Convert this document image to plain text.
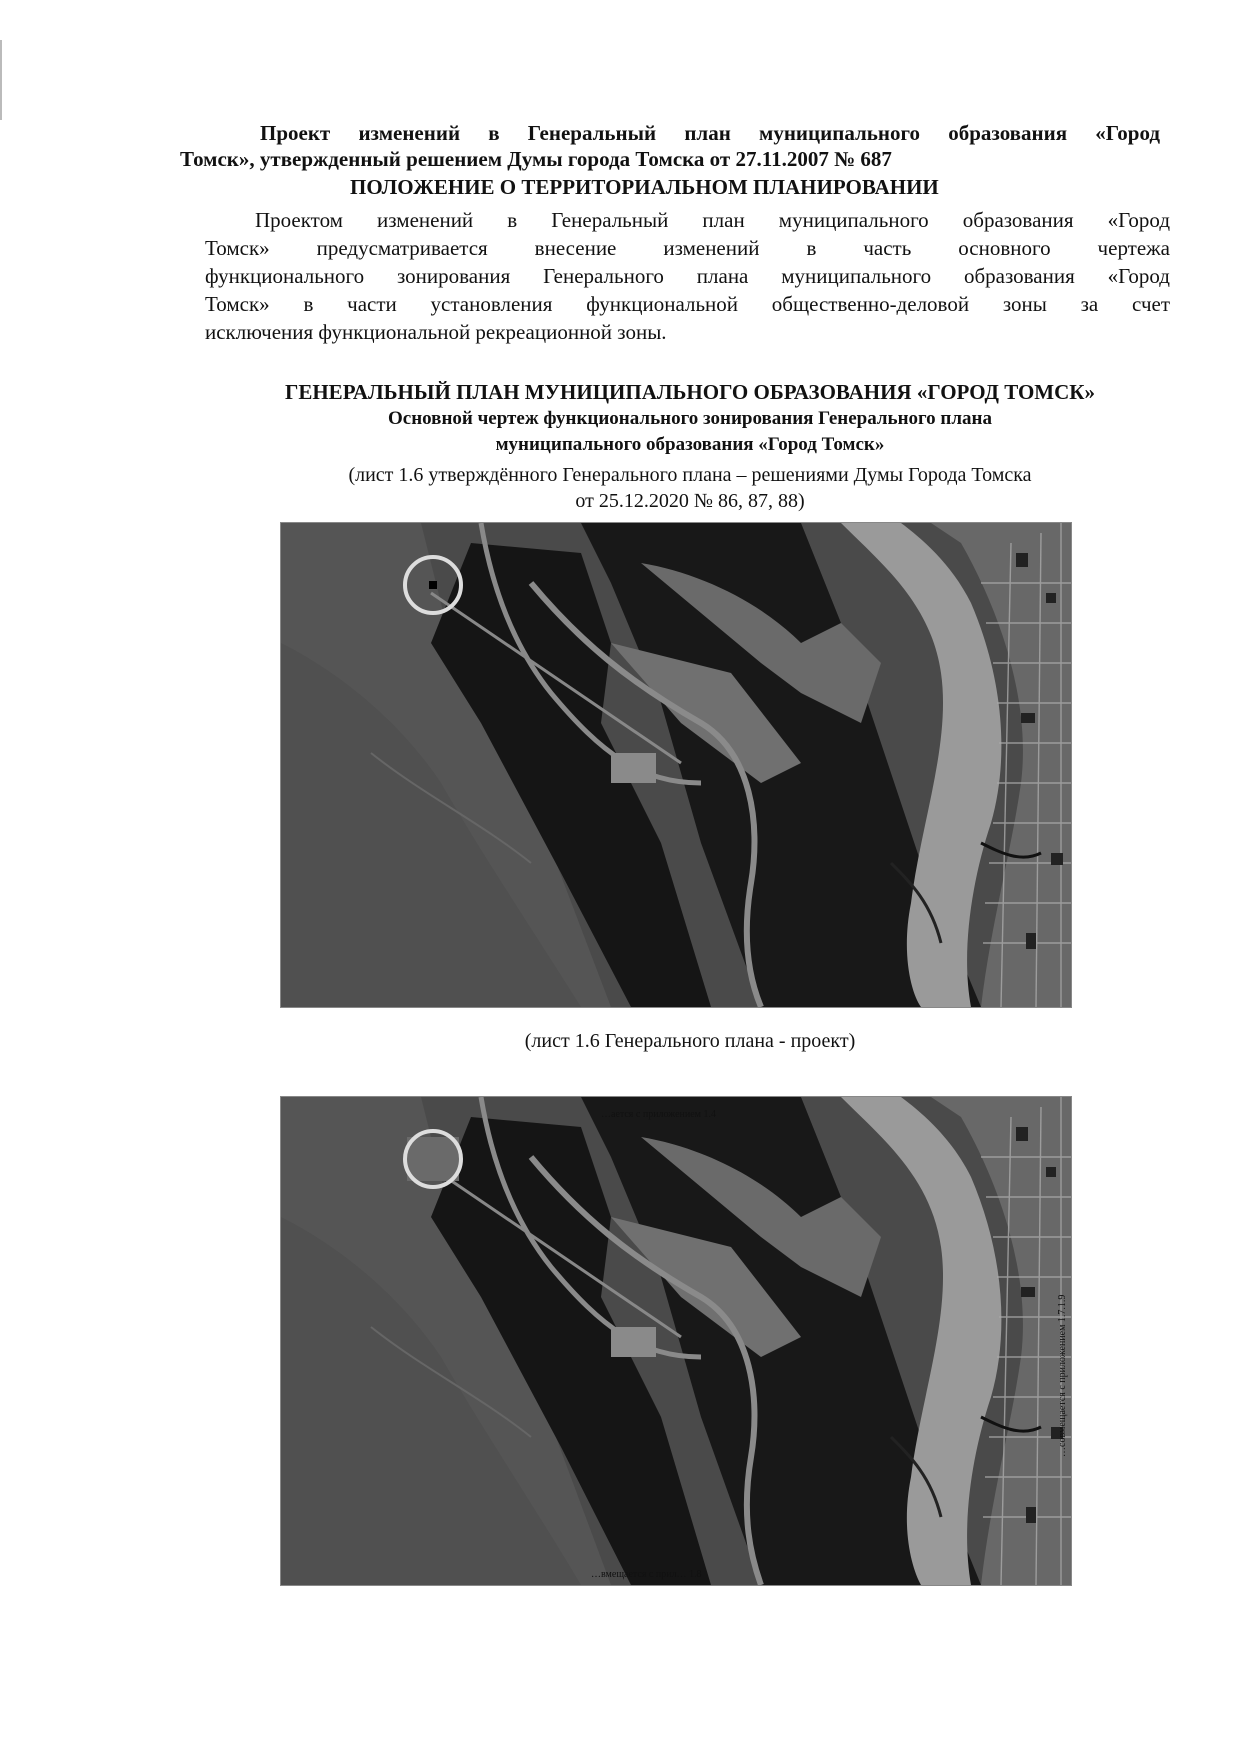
Проект изменений в Генеральный план муниципального образования «Город
Томск», утвержденный решением Думы города Томска от 27.11.2007 № 687
ПОЛОЖЕНИЕ О ТЕРРИТОРИАЛЬНОМ ПЛАНИРОВАНИИ
Проектом изменений в Генеральный план муниципального образования «Город
Томск» предусматривается внесение изменений в часть основного чертежа
функционального зонирования Генерального плана муниципального образования «Город
Томск» в части установления функциональной общественно-деловой зоны за счет
исключения функциональной рекреационной зоны.
ГЕНЕРАЛЬНЫЙ ПЛАН МУНИЦИПАЛЬНОГО ОБРАЗОВАНИЯ «ГОРОД ТОМСК»
Основной чертеж функционального зонирования Генерального плана
муниципального образования «Город Томск»
(лист 1.6 утверждённого Генерального плана – решениями Думы Города Томска
от 25.12.2020 № 86, 87, 88)
(лист 1.6 Генерального плана - проект)
…ается с приложением 1.4
…вмещается с прил… 1.8
…совмещается с приложением 1.7.1.9
